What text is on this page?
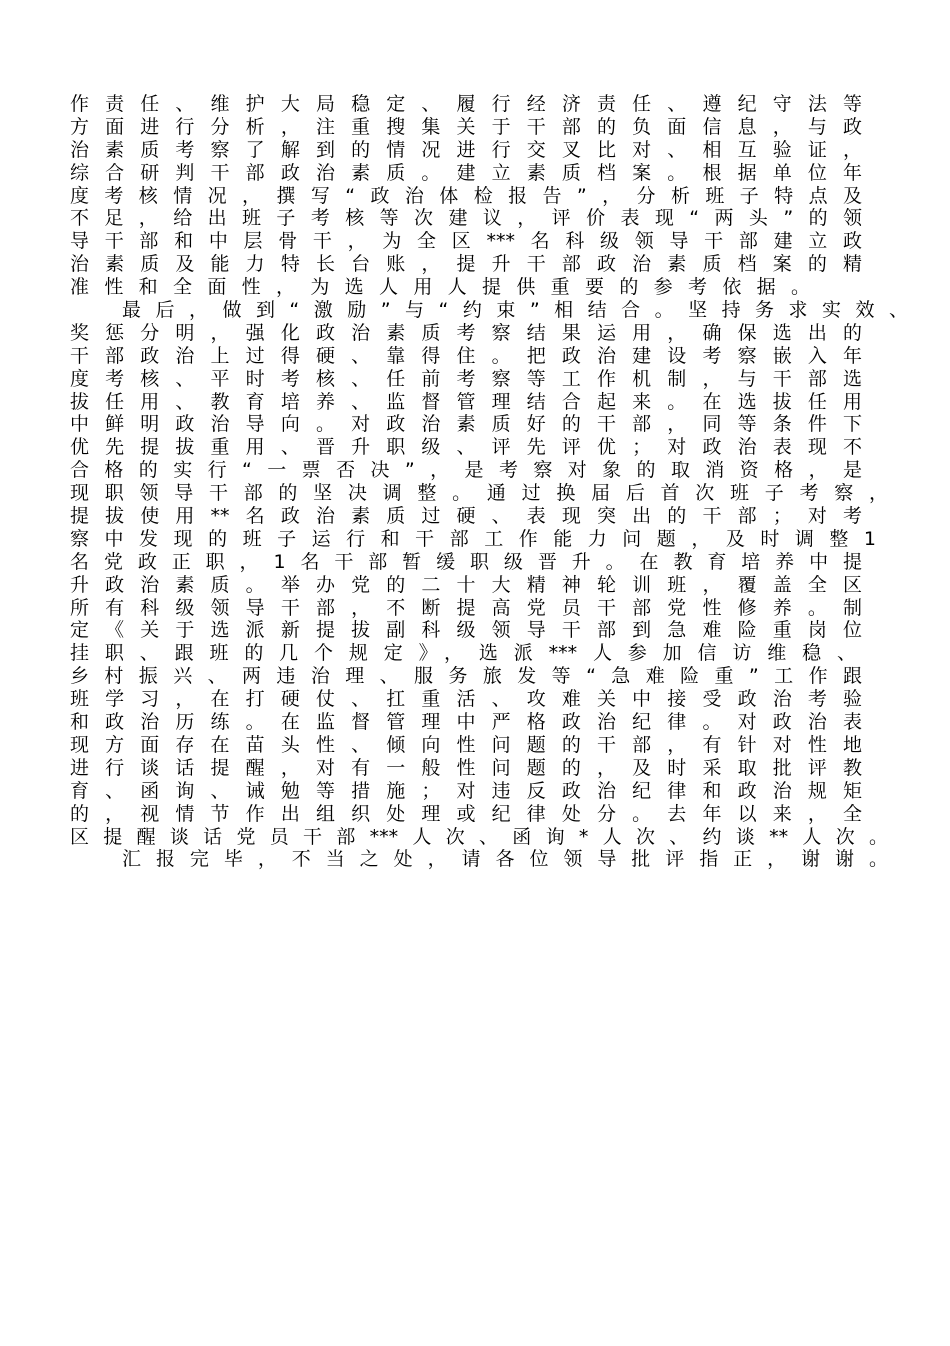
作责任、维护大局稳定、履行经济责任、遵纪守法等
方面进行分析，注重搜集关于干部的负面信息，与政
治素质考察了解到的情况进行交叉比对、相互验证，
综合研判干部政治素质。建立素质档案。根据单位年
度考核情况，撰写“政治体检报告”，分析班子特点及
不足，给出班子考核等次建议，评价表现“两头”的领
导干部和中层骨干，为全区***名科级领导干部建立政
治素质及能力特长台账，提升干部政治素质档案的精
准性和全面性，为选人用人提供重要的参考依据。
最后，做到“激励”与“约束”相结合。坚持务求实效、
奖惩分明，强化政治素质考察结果运用，确保选出的
干部政治上过得硬、靠得住。把政治建设考察嵌入年
度考核、平时考核、任前考察等工作机制，与干部选
拔任用、教育培养、监督管理结合起来。在选拔任用
中鲜明政治导向。对政治素质好的干部，同等条件下
优先提拔重用、晋升职级、评先评优；对政治表现不
合格的实行“一票否决”，是考察对象的取消资格，是
现职领导干部的坚决调整。通过换届后首次班子考察，
提拔使用**名政治素质过硬、表现突出的干部；对考
察中发现的班子运行和干部工作能力问题，及时调整1
名党政正职，1名干部暂缓职级晋升。在教育培养中提
升政治素质。举办党的二十大精神轮训班，覆盖全区
所有科级领导干部，不断提高党员干部党性修养。制
定《关于选派新提拔副科级领导干部到急难险重岗位
挂职、跟班的几个规定》，选派***人参加信访维稳、
乡村振兴、两违治理、服务旅发等“急难险重”工作跟
班学习，在打硬仗、扛重活、攻难关中接受政治考验
和政治历练。在监督管理中严格政治纪律。对政治表
现方面存在苗头性、倾向性问题的干部，有针对性地
进行谈话提醒，对有一般性问题的，及时采取批评教
育、函询、诫勉等措施；对违反政治纪律和政治规矩
的，视情节作出组织处理或纪律处分。去年以来，全
区提醒谈话党员干部***人次、函询*人次、约谈**人次。
汇报完毕，不当之处，请各位领导批评指正，谢谢。
